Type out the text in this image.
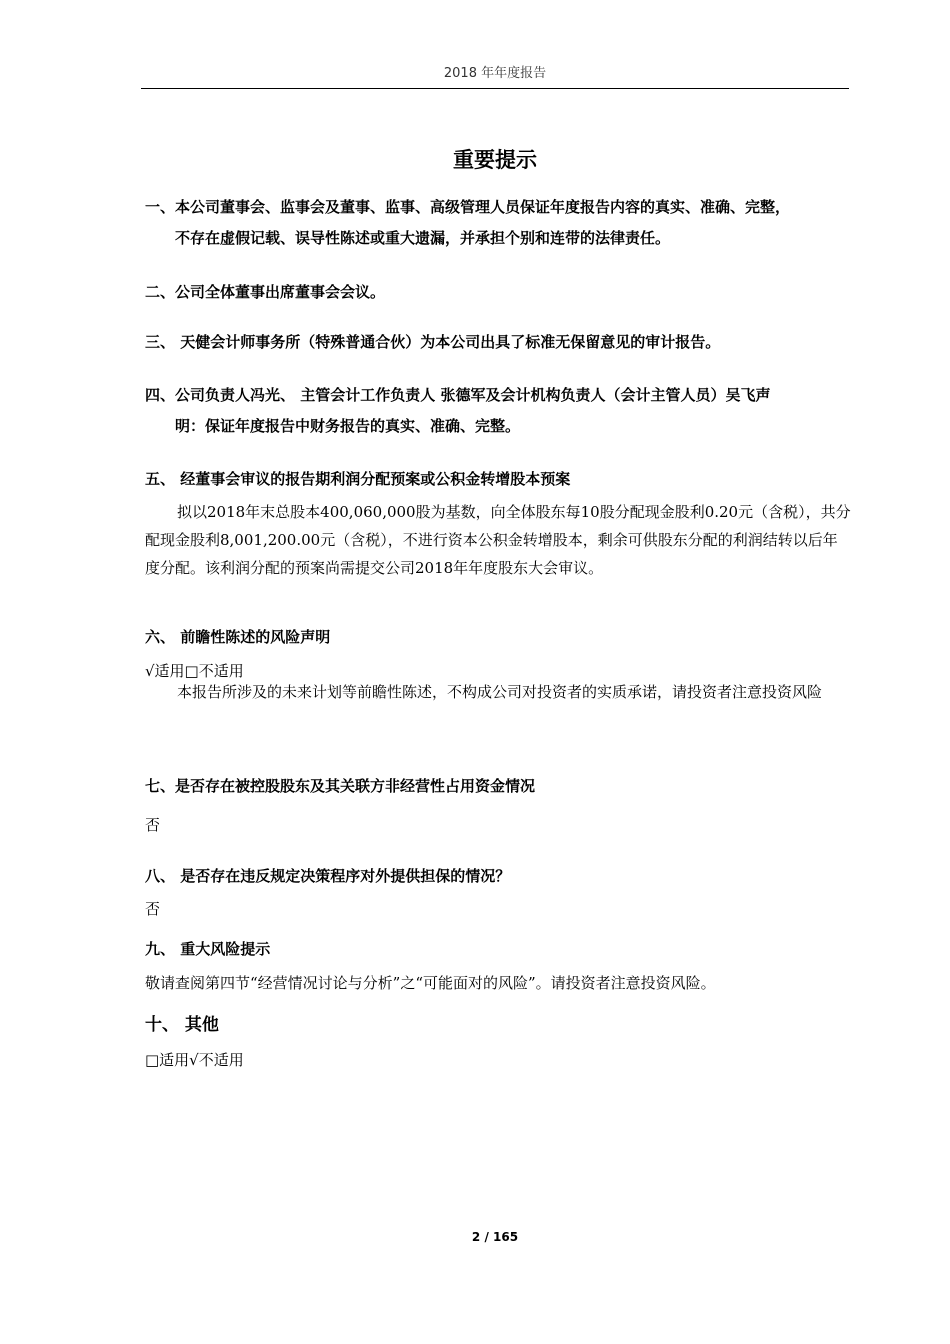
2018 年年度报告
重要提示
一、本公司董事会、监事会及董事、监事、高级管理人员保证年度报告内容的真实、准确、完整，
不存在虚假记载、误导性陈述或重大遗漏，并承担个别和连带的法律责任。
二、公司全体董事出席董事会会议。
三、 天健会计师事务所（特殊普通合伙）为本公司出具了标准无保留意见的审计报告。
四、公司负责人冯光、 主管会计工作负责人 张德军及会计机构负责人（会计主管人员）吴飞声
明：保证年度报告中财务报告的真实、准确、完整。
五、 经董事会审议的报告期利润分配预案或公积金转增股本预案
拟以2018年末总股本400,060,000股为基数，向全体股东每10股分配现金股利0.20元（含税），共分配现金股利8,001,200.00元（含税），不进行资本公积金转增股本，剩余可供股东分配的利润结转以后年度分配。该利润分配的预案尚需提交公司2018年年度股东大会审议。
六、 前瞻性陈述的风险声明
√适用□不适用
本报告所涉及的未来计划等前瞻性陈述，不构成公司对投资者的实质承诺，请投资者注意投资风险
七、是否存在被控股股东及其关联方非经营性占用资金情况
否
八、 是否存在违反规定决策程序对外提供担保的情况？
否
九、 重大风险提示
敬请查阅第四节“经营情况讨论与分析”之“可能面对的风险”。请投资者注意投资风险。
十、 其他
□适用√不适用
2 / 165
